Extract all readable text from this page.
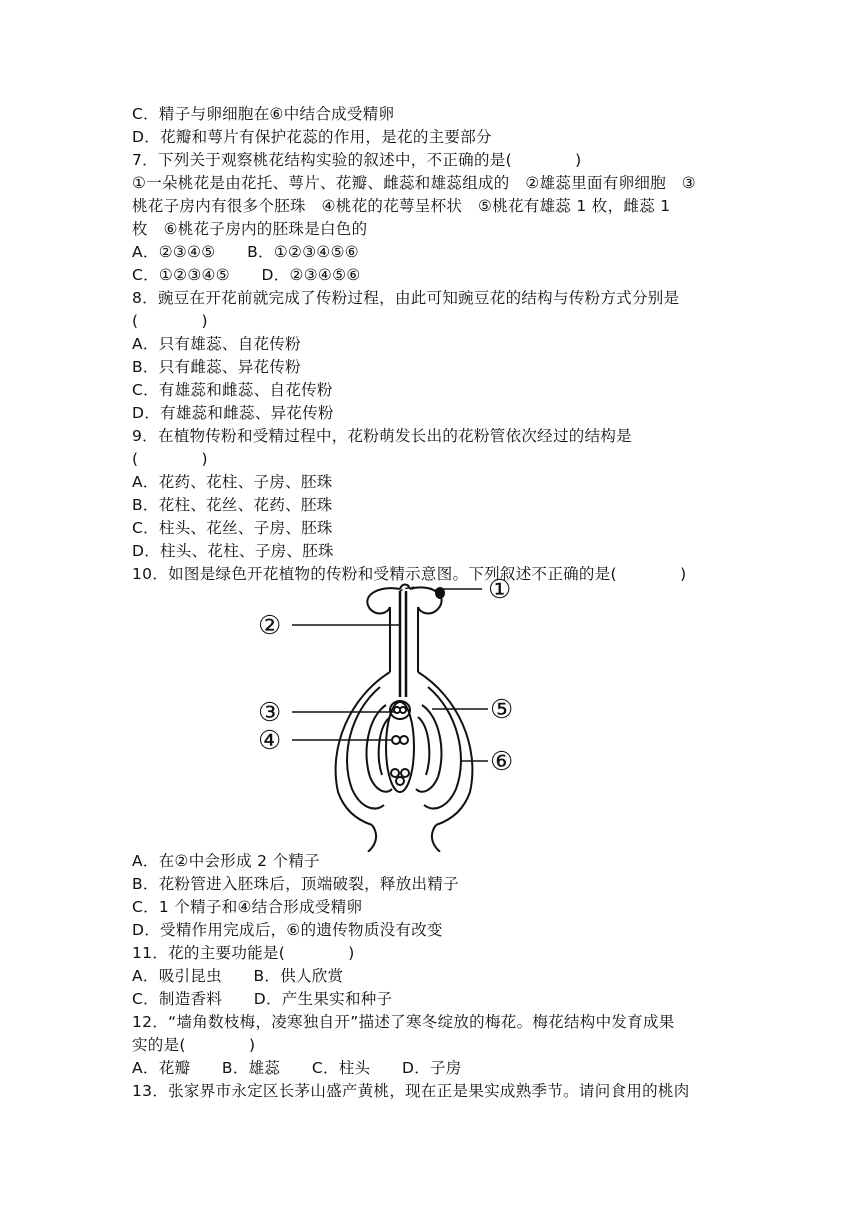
C．精子与卵细胞在⑥中结合成受精卵
D．花瓣和萼片有保护花蕊的作用，是花的主要部分
7．下列关于观察桃花结构实验的叙述中，不正确的是(　　　　)
①一朵桃花是由花托、萼片、花瓣、雌蕊和雄蕊组成的　②雄蕊里面有卵细胞　③
桃花子房内有很多个胚珠　④桃花的花萼呈杯状　⑤桃花有雄蕊 1 枚，雌蕊 1
枚　⑥桃花子房内的胚珠是白色的
A．②③④⑤　　B．①②③④⑤⑥
C．①②③④⑤　　D．②③④⑤⑥
8．豌豆在开花前就完成了传粉过程，由此可知豌豆花的结构与传粉方式分别是
(　　　　)
A．只有雄蕊、自花传粉
B．只有雌蕊、异花传粉
C．有雄蕊和雌蕊、自花传粉
D．有雄蕊和雌蕊、异花传粉
9．在植物传粉和受精过程中，花粉萌发长出的花粉管依次经过的结构是
(　　　　)
A．花药、花柱、子房、胚珠
B．花柱、花丝、花药、胚珠
C．柱头、花丝、子房、胚珠
D．柱头、花柱、子房、胚珠
10．如图是绿色开花植物的传粉和受精示意图。下列叙述不正确的是(　　　　)
①
②
③
④
⑤
⑥
A．在②中会形成 2 个精子
B．花粉管进入胚珠后，顶端破裂，释放出精子
C．1 个精子和④结合形成受精卵
D．受精作用完成后，⑥的遗传物质没有改变
11．花的主要功能是(　　　　)
A．吸引昆虫　　B．供人欣赏
C．制造香料　　D．产生果实和种子
12．“墙角数枝梅，凌寒独自开”描述了寒冬绽放的梅花。梅花结构中发育成果
实的是(　　　　)
A．花瓣　　B．雄蕊　　C．柱头　　D．子房
13．张家界市永定区长茅山盛产黄桃，现在正是果实成熟季节。请问食用的桃肉
